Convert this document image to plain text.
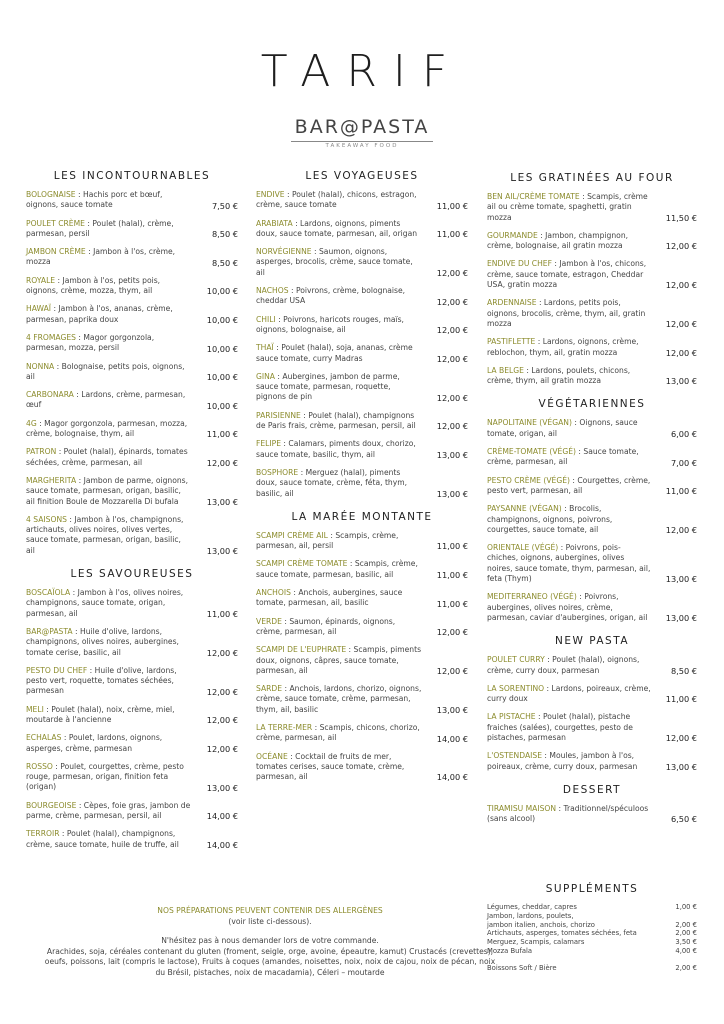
TARIF
BAR@PASTA
TAKEAWAY FOOD
LES INCONTOURNABLES
BOLOGNAISE : Hachis porc et bœuf, oignons, sauce tomate	7,50 €
POULET CRÈME : Poulet (halal), crème, parmesan, persil	8,50 €
JAMBON CRÈME : Jambon à l'os, crème, mozza	8,50 €
ROYALE : Jambon à l'os, petits pois, oignons, crème, mozza, thym, ail	10,00 €
HAWAÏ : Jambon à l'os, ananas, crème, parmesan, paprika doux	10,00 €
4 FROMAGES : Magor gorgonzola, parmesan, mozza, persil	10,00 €
NONNA : Bolognaise, petits pois, oignons, ail	10,00 €
CARBONARA : Lardons, crème, parmesan, œuf	10,00 €
4G : Magor gorgonzola, parmesan, mozza, crème, bolognaise, thym, ail	11,00 €
PATRON : Poulet (halal), épinards, tomates séchées, crème, parmesan, ail	12,00 €
MARGHERITA : Jambon de parme, oignons, sauce tomate, parmesan, origan, basilic, ail finition Boule de Mozzarella Di bufala	13,00 €
4 SAISONS : Jambon à l'os, champignons, artichauts, olives noires, olives vertes, sauce tomate, parmesan, origan, basilic, ail	13,00 €
LES SAVOUREUSES
BOSCAÏOLA : Jambon à l'os, olives noires, champignons, sauce tomate, origan, parmesan, ail	11,00 €
BAR@PASTA : Huile d'olive, lardons, champignons, olives noires, aubergines, tomate cerise, basilic, ail	12,00 €
PESTO DU CHEF : Huile d'olive, lardons, pesto vert, roquette, tomates séchées, parmesan	12,00 €
MELI : Poulet (halal), noix, crème, miel, moutarde à l'ancienne	12,00 €
ECHALAS : Poulet, lardons, oignons, asperges, crème, parmesan	12,00 €
ROSSO : Poulet, courgettes, crème, pesto rouge, parmesan, origan, finition feta (origan)	13,00 €
BOURGEOISE : Cèpes, foie gras, jambon de parme, crème, parmesan, persil, ail	14,00 €
TERROIR : Poulet (halal), champignons, crème, sauce tomate, huile de truffe, ail	14,00 €
LES VOYAGEUSES
ENDIVE : Poulet (halal), chicons, estragon, crème, sauce tomate	11,00 €
ARABIATA : Lardons, oignons, piments doux, sauce tomate, parmesan, ail, origan	11,00 €
NORVÉGIENNE : Saumon, oignons, asperges, brocolis, crème, sauce tomate, ail	12,00 €
NACHOS : Poivrons, crème, bolognaise, cheddar USA	12,00 €
CHILI : Poivrons, haricots rouges, maïs, oignons, bolognaise, ail	12,00 €
THAÏ : Poulet (halal), soja, ananas, crème sauce tomate, curry Madras	12,00 €
GINA : Aubergines, jambon de parme, sauce tomate, parmesan, roquette, pignons de pin	12,00 €
PARISIENNE : Poulet (halal), champignons de Paris frais, crème, parmesan, persil, ail	12,00 €
FELIPE : Calamars, piments doux, chorizo, sauce tomate, basilic, thym, ail	13,00 €
BOSPHORE : Merguez (halal), piments doux, sauce tomate, crème, féta, thym, basilic, ail	13,00 €
LA MARÉE MONTANTE
SCAMPI CRÈME AIL : Scampis, crème, parmesan, ail, persil	11,00 €
SCAMPI CRÈME TOMATE : Scampis, crème, sauce tomate, parmesan, basilic, ail	11,00 €
ANCHOIS : Anchois, aubergines, sauce tomate, parmesan, ail, basilic	11,00 €
VERDE : Saumon, épinards, oignons, crème, parmesan, ail	12,00 €
SCAMPI DE L'EUPHRATE : Scampis, piments doux, oignons, câpres, sauce tomate, parmesan, ail	12,00 €
SARDE : Anchois, lardons, chorizo, oignons, crème, sauce tomate, crème, parmesan, thym, ail, basilic	13,00 €
LA TERRE-MER : Scampis, chicons, chorizo, crème, parmesan, ail	14,00 €
OCÉANE : Cocktail de fruits de mer, tomates cerises, sauce tomate, crème, parmesan, ail	14,00 €
LES GRATINÉES AU FOUR
BEN AIL/CRÈME TOMATE : Scampis, crème ail ou crème tomate, spaghetti, gratin mozza	11,50 €
GOURMANDE : Jambon, champignon, crème, bolognaise, ail gratin mozza	12,00 €
ENDIVE DU CHEF : Jambon à l'os, chicons, crème, sauce tomate, estragon, Cheddar USA, gratin mozza	12,00 €
ARDENNAISE : Lardons, petits pois, oignons, brocolis, crème, thym, ail, gratin mozza	12,00 €
PASTIFLETTE : Lardons, oignons, crème, reblochon, thym, ail, gratin mozza	12,00 €
LA BELGE : Lardons, poulets, chicons, crème, thym, ail gratin mozza	13,00 €
VÉGÉTARIENNES
NAPOLITAINE (VÉGAN) : Oignons, sauce tomate, origan, ail	6,00 €
CRÈME-TOMATE (VÉGÉ) : Sauce tomate, crème, parmesan, ail	7,00 €
PESTO CRÈME (VÉGÉ) : Courgettes, crème, pesto vert, parmesan, ail	11,00 €
PAYSANNE (VÉGAN) : Brocolis, champignons, oignons, poivrons, courgettes, sauce tomate, ail	12,00 €
ORIENTALE (VÉGÉ) : Poivrons, pois-chiches, oignons, aubergines, olives noires, sauce tomate, thym, parmesan, ail, feta (Thym)	13,00 €
MEDITERRANEO (VÉGÉ) : Poivrons, aubergines, olives noires, crème, parmesan, caviar d'aubergines, origan, ail	13,00 €
NEW PASTA
POULET CURRY : Poulet (halal), oignons, crème, curry doux, parmesan	8,50 €
LA SORENTINO : Lardons, poireaux, crème, curry doux	11,00 €
LA PISTACHE : Poulet (halal), pistache fraiches (salées), courgettes, pesto de pistaches, parmesan	12,00 €
L'OSTENDAISE : Moules, jambon à l'os, poireaux, crème, curry doux, parmesan	13,00 €
DESSERT
TIRAMISU MAISON : Traditionnel/spéculoos (sans alcool)	6,50 €
SUPPLÉMENTS
Légumes, cheddar, capres	1,00 €
Jambon, lardons, poulets,
jambon italien, anchois, chorizo	2,00 €
Artichauts, asperges, tomates séchées, feta	2,00 €
Merguez, Scampis, calamars	3,50 €
Mozza Bufala	4,00 €
Boissons Soft / Bière	2,00 €
NOS PRÉPARATIONS PEUVENT CONTENIR DES ALLERGÈNES
(voir liste ci-dessous).
N'hésitez pas à nous demander lors de votre commande.
Arachides, soja, céréales contenant du gluten (froment, seigle, orge, avoine, épeautre, kamut) Crustacés (crevettes), oeufs, poissons, lait (compris le lactose), Fruits à coques (amandes, noisettes, noix, noix de cajou, noix de pécan, noix du Brésil, pistaches, noix de macadamia), Céleri – moutarde
